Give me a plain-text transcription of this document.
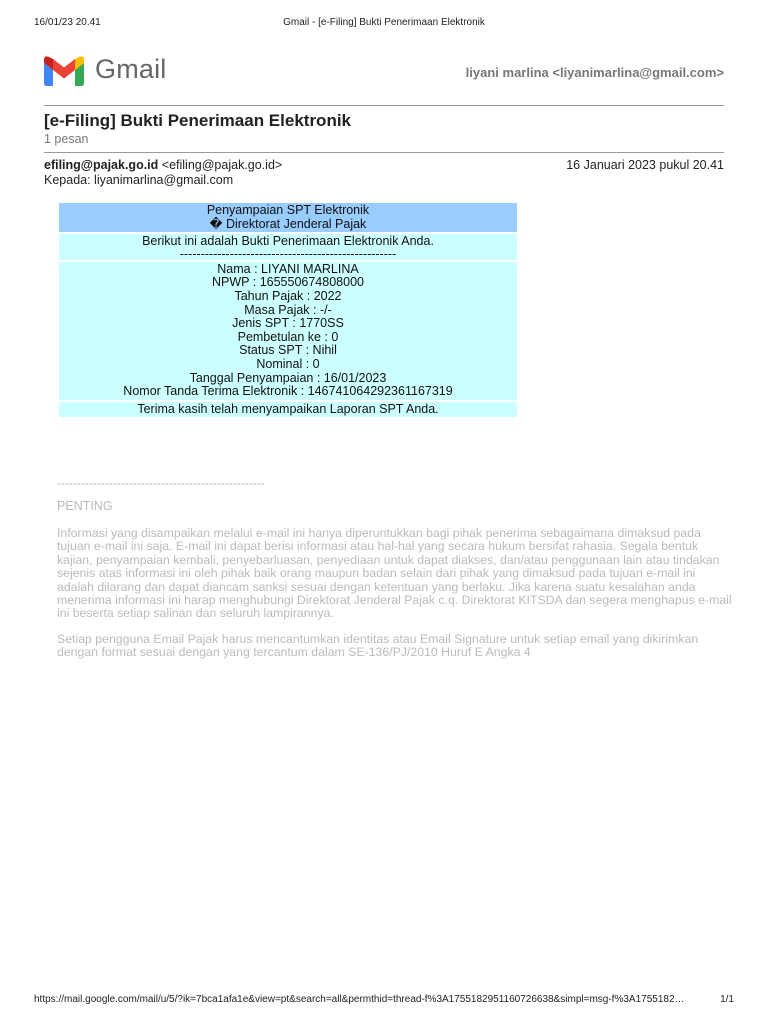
16/01/23 20.41	Gmail - [e-Filing] Bukti Penerimaan Elektronik
Gmail	liyani marlina <liyanimarlina@gmail.com>
[e-Filing] Bukti Penerimaan Elektronik
1 pesan
efiling@pajak.go.id <efiling@pajak.go.id>	16 Januari 2023 pukul 20.41
Kepada: liyanimarlina@gmail.com
Penyampaian SPT Elektronik
� Direktorat Jenderal Pajak

Berikut ini adalah Bukti Penerimaan Elektronik Anda.
----------------------------------------------------

Nama : LIYANI MARLINA
NPWP : 165550674808000
Tahun Pajak : 2022
Masa Pajak : -/-
Jenis SPT : 1770SS
Pembetulan ke : 0
Status SPT : Nihil
Nominal : 0
Tanggal Penyampaian : 16/01/2023
Nomor Tanda Terima Elektronik : 146741064292361167319

Terima kasih telah menyampaikan Laporan SPT Anda.
----------------------------------------------------
PENTING
Informasi yang disampaikan melalui e-mail ini hanya diperuntukkan bagi pihak penerima sebagaimana dimaksud pada tujuan e-mail ini saja. E-mail ini dapat berisi informasi atau hal-hal yang secara hukum bersifat rahasia. Segala bentuk kajian, penyampaian kembali, penyebarluasan, penyediaan untuk dapat diakses, dan/atau penggunaan lain atau tindakan sejenis atas informasi ini oleh pihak baik orang maupun badan selain dari pihak yang dimaksud pada tujuan e-mail ini adalah dilarang dan dapat diancam sanksi sesuai dengan ketentuan yang berlaku. Jika karena suatu kesalahan anda menerima informasi ini harap menghubungi Direktorat Jenderal Pajak c.q. Direktorat KITSDA dan segera menghapus e-mail ini beserta setiap salinan dan seluruh lampirannya.
Setiap pengguna Email Pajak harus mencantumkan identitas atau Email Signature untuk setiap email yang dikirimkan dengan format sesuai dengan yang tercantum dalam SE-136/PJ/2010 Huruf E Angka 4
https://mail.google.com/mail/u/5/?ik=7bca1afa1e&view=pt&search=all&permthid=thread-f%3A1755182951160726638&simpl=msg-f%3A1755182…	1/1
